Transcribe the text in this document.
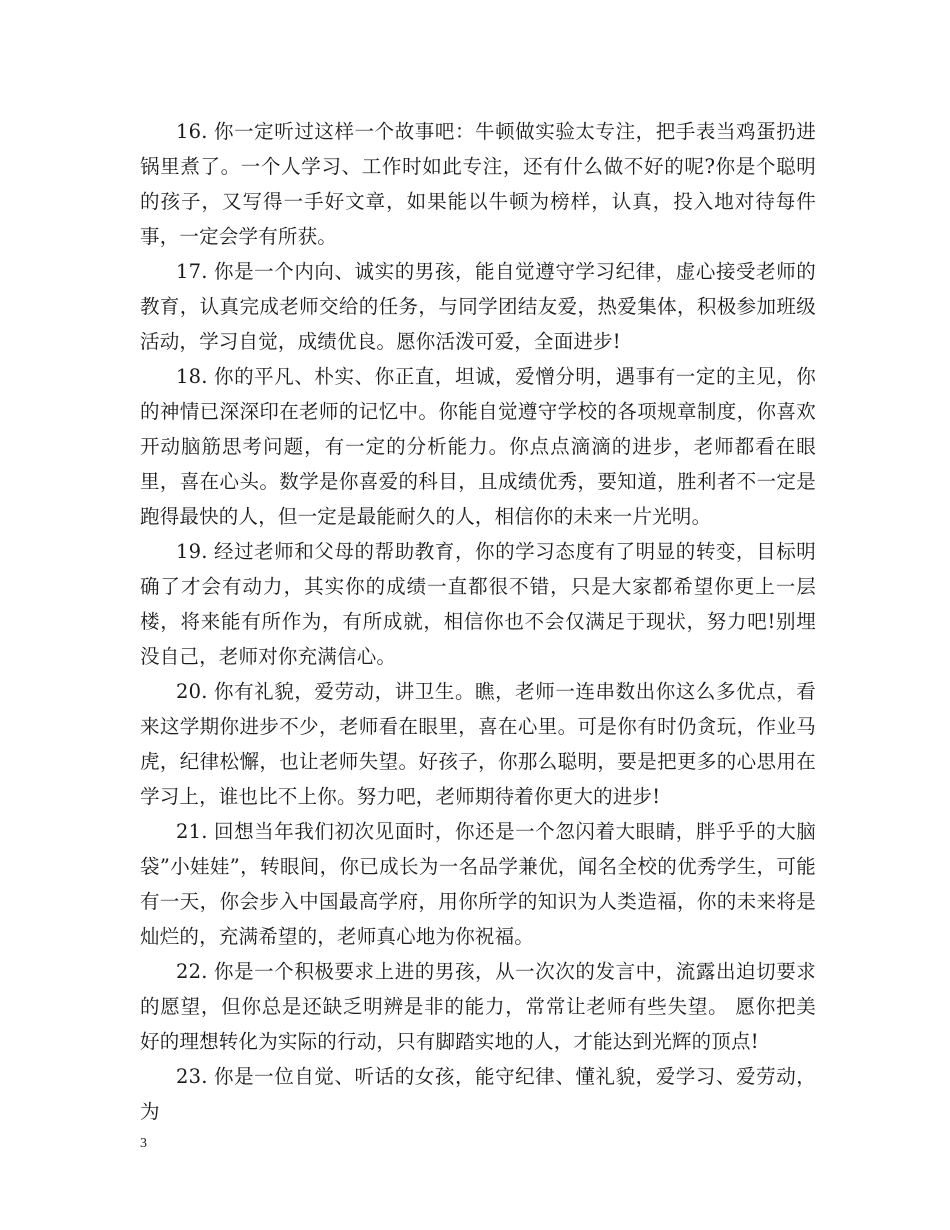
16. 你一定听过这样一个故事吧：牛顿做实验太专注，把手表当鸡蛋扔进锅里煮了。一个人学习、工作时如此专注，还有什么做不好的呢?你是个聪明的孩子，又写得一手好文章，如果能以牛顿为榜样，认真，投入地对待每件事，一定会学有所获。

17. 你是一个内向、诚实的男孩，能自觉遵守学习纪律，虚心接受老师的教育，认真完成老师交给的任务，与同学团结友爱，热爱集体，积极参加班级活动，学习自觉，成绩优良。愿你活泼可爱，全面进步!

18. 你的平凡、朴实、你正直，坦诚，爱憎分明，遇事有一定的主见，你的神情已深深印在老师的记忆中。你能自觉遵守学校的各项规章制度，你喜欢开动脑筋思考问题，有一定的分析能力。你点点滴滴的进步，老师都看在眼里，喜在心头。数学是你喜爱的科目，且成绩优秀，要知道，胜利者不一定是跑得最快的人，但一定是最能耐久的人，相信你的未来一片光明。

19. 经过老师和父母的帮助教育，你的学习态度有了明显的转变，目标明确了才会有动力，其实你的成绩一直都很不错，只是大家都希望你更上一层楼，将来能有所作为，有所成就，相信你也不会仅满足于现状，努力吧!别埋没自己，老师对你充满信心。

20. 你有礼貌，爱劳动，讲卫生。瞧，老师一连串数出你这么多优点，看来这学期你进步不少，老师看在眼里，喜在心里。可是你有时仍贪玩，作业马虎，纪律松懈，也让老师失望。好孩子，你那么聪明，要是把更多的心思用在学习上，谁也比不上你。努力吧，老师期待着你更大的进步!

21. 回想当年我们初次见面时，你还是一个忽闪着大眼睛，胖乎乎的大脑袋”小娃娃”，转眼间，你已成长为一名品学兼优，闻名全校的优秀学生，可能有一天，你会步入中国最高学府，用你所学的知识为人类造福，你的未来将是灿烂的，充满希望的，老师真心地为你祝福。

22. 你是一个积极要求上进的男孩，从一次次的发言中，流露出迫切要求的愿望，但你总是还缺乏明辨是非的能力，常常让老师有些失望。 愿你把美好的理想转化为实际的行动，只有脚踏实地的人，才能达到光辉的顶点!

23. 你是一位自觉、听话的女孩，能守纪律、懂礼貌，爱学习、爱劳动，为

3
